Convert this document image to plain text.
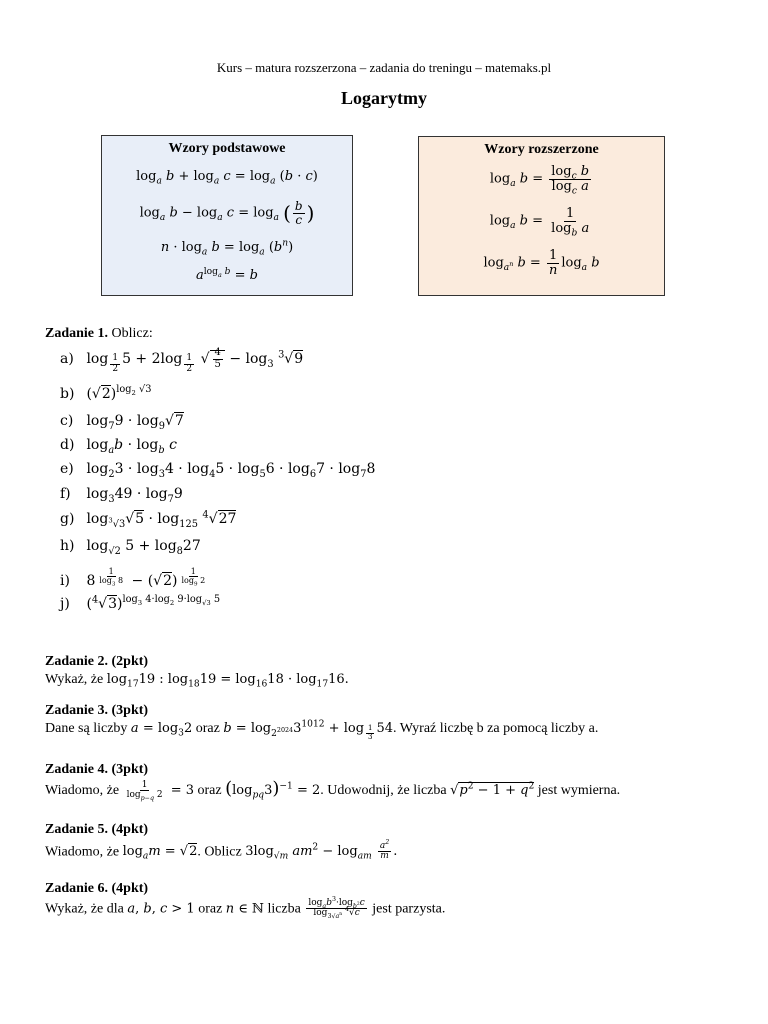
Kurs – matura rozszerzona – zadania do treningu – matemaks.pl
Logarytmy
Wzory podstawowe
$\log_a b + \log_a c = \log_a (b \cdot c)$
$\log_a b - \log_a c = \log_a$ ( $\frac{b}{c}$ )
$n \cdot \log_a b = \log_a (b^n)$
$a^{log_a b} = b$
Wzory rozszerzone
$\log_a b = \frac{\log_c b}{\log_c a}$
$\log_a b = \frac{1}{\log_b a}$
$\log_{a^n} b = \frac{1}{n} \log_a b$
Zadanie 1. Oblicz:
a) log $_{\frac{1}{2}}$ 5 + 2log $_{\frac{1}{2}}$ √ $\frac{4}{5} - \log_3 ^3√9$
b) $(√2)^{log_2 √3}$
c) $\log_79 \cdot \log_9√7$
d) $\log_ab \cdot \log_b c$
e) $\log_23 \cdot \log_34 \cdot \log_45 \cdot \log_56 \cdot \log_67 \cdot \log_78$
f) $\log_349 \cdot \log_79$
g) $\log_{^3√3}√5 \cdot \log_{125} ^4√27$
h) $\log_{√2} 5 + \log_827$
i) 8 $^{\frac{1}{\log_3 8}}$ − (√2) $^{\frac{1}{\log_9 2}}$
j) $(^4√3)^{log_3 4\cdot log_2 9\cdot log_{√3} 5}$
Zadanie 2. (2pkt)
Wykaż, że $\log_{17}19$ : $\log_{18}19 = \log_{16}18 \cdot \log_{17}16$.
Zadanie 3. (3pkt)
Dane są liczby $a = \log_32$ oraz $b = \log_{2^{2024}}3^{1012} + \log _{\frac{1}{3}}$ 54. Wyraź liczbę b za pomocą liczby a.
Zadanie 4. (3pkt)
Wiadomo, że $\frac{1}{\log_{p-q} 2} = 3$ oraz $(\log_{pq}3)^{-1} = 2$. Udowodnij, że liczba $√p^2 - 1 + q^2$ jest wymierna.
Zadanie 5. (4pkt)
Wiadomo, że $\log_am = √2$. Oblicz $3\log_{√m}$ $am^2 - \log_{am} \frac{a^2}{m}$ .
Zadanie 6. (4pkt)
Wykaż, że dla a, b, c > 1 oraz n ∈ ℕ liczba $\frac{\log_ab^3\cdot\log_{b^2}c}{\log_{3√a^n} ^4√c}$ jest parzysta.
